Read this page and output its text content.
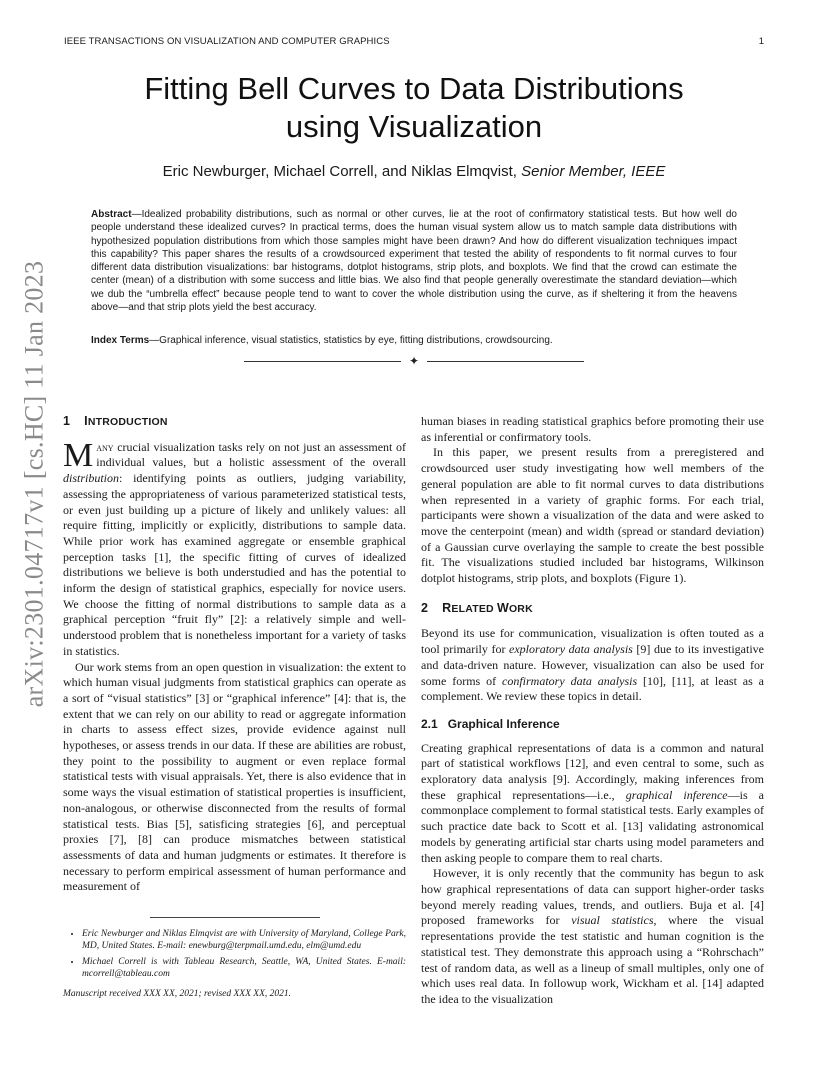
IEEE TRANSACTIONS ON VISUALIZATION AND COMPUTER GRAPHICS	1
arXiv:2301.04717v1 [cs.HC] 11 Jan 2023
Fitting Bell Curves to Data Distributions
using Visualization
Eric Newburger, Michael Correll, and Niklas Elmqvist, Senior Member, IEEE
Abstract—Idealized probability distributions, such as normal or other curves, lie at the root of confirmatory statistical tests. But how well do people understand these idealized curves? In practical terms, does the human visual system allow us to match sample data distributions with hypothesized population distributions from which those samples might have been drawn? And how do different visualization techniques impact this capability? This paper shares the results of a crowdsourced experiment that tested the ability of respondents to fit normal curves to four different data distribution visualizations: bar histograms, dotplot histograms, strip plots, and boxplots. We find that the crowd can estimate the center (mean) of a distribution with some success and little bias. We also find that people generally overestimate the standard deviation—which we dub the “umbrella effect” because people tend to want to cover the whole distribution using the curve, as if sheltering it from the heavens above—and that strip plots yield the best accuracy.
Index Terms—Graphical inference, visual statistics, statistics by eye, fitting distributions, crowdsourcing.
✦
1 INTRODUCTION

Many crucial visualization tasks rely on not just an assessment of individual values, but a holistic assessment of the overall distribution: identifying points as outliers, judging variability, assessing the appropriateness of various parameterized statistical tests, or even just building up a picture of likely and unlikely values: all require fitting, implicitly or explicitly, distributions to sample data. While prior work has examined aggregate or ensemble graphical perception tasks [1], the specific fitting of curves of idealized distributions we believe is both understudied and has the potential to inform the design of statistical graphics, especially for novice users. We choose the fitting of normal distributions to sample data as a graphical perception “fruit fly” [2]: a relatively simple and well-understood problem that is nonetheless important for a variety of tasks in statistics.

Our work stems from an open question in visualization: the extent to which human visual judgments from statistical graphics can operate as a sort of “visual statistics” [3] or “graphical inference” [4]: that is, the extent that we can rely on our ability to read or aggregate information in charts to assess effect sizes, provide evidence against null hypotheses, or assess trends in our data. If these are abilities are robust, they point to the possibility to augment or even replace formal statistical tests with visual appraisals. Yet, there is also evidence that in some ways the visual estimation of statistical properties is insufficient, non-analogous, or otherwise disconnected from the results of formal statistical tests. Bias [5], satisficing strategies [6], and perceptual proxies [7], [8] can produce mismatches between statistical assessments of data and human judgments or estimates. It therefore is necessary to perform empirical assessment of human performance and measurement of

human biases in reading statistical graphics before promoting their use as inferential or confirmatory tools.

In this paper, we present results from a preregistered and crowdsourced user study investigating how well members of the general population are able to fit normal curves to data distributions when represented in a variety of graphic forms. For each trial, participants were shown a visualization of the data and were asked to move the centerpoint (mean) and width (spread or standard deviation) of a Gaussian curve overlaying the sample to create the best possible fit. The visualizations studied included bar histograms, Wilkinson dotplot histograms, strip plots, and boxplots (Figure 1).

2 RELATED WORK

Beyond its use for communication, visualization is often touted as a tool primarily for exploratory data analysis [9] due to its investigative and data-driven nature. However, visualization can also be used for some forms of confirmatory data analysis [10], [11], at least as a complement. We review these topics in detail.

2.1 Graphical Inference

Creating graphical representations of data is a common and natural part of statistical workflows [12], and even central to some, such as exploratory data analysis [9]. Accordingly, making inferences from these graphical representations—i.e., graphical inference—is a commonplace complement to formal statistical tests. Early examples of such practice date back to Scott et al. [13] validating astronomical models by generating artificial star charts using model parameters and then asking people to compare them to real charts.

However, it is only recently that the community has begun to ask how graphical representations of data can support higher-order tasks beyond merely reading values, trends, and outliers. Buja et al. [4] proposed frameworks for visual statistics, where the visual representations provide the test statistic and human cognition is the statistical test. They demonstrate this approach using a “Rohrschach” test of random data, as well as a lineup of small multiples, only one of which uses real data. In followup work, Wickham et al. [14] adapted the idea to the visualization

• Eric Newburger and Niklas Elmqvist are with University of Maryland, College Park, MD, United States. E-mail: enewburg@terpmail.umd.edu, elm@umd.edu
• Michael Correll is with Tableau Research, Seattle, WA, United States. E-mail: mcorrell@tableau.com
Manuscript received XXX XX, 2021; revised XXX XX, 2021.
